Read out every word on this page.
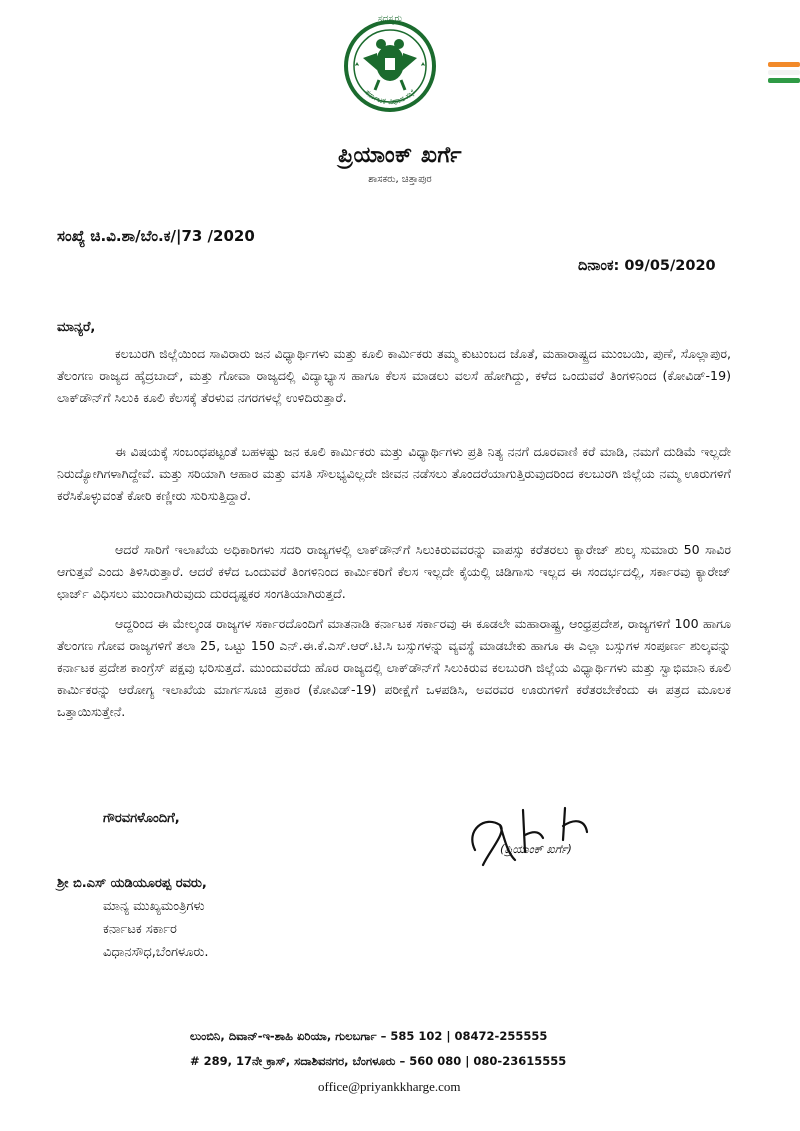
ಸದಸ್ಯರು
ಕರ್ನಾಟಕ ವಿಧಾನ ಸಭೆ
ಪ್ರಿಯಾಂಕ್ ಖರ್ಗೆ
ಶಾಸಕರು, ಚಿತ್ತಾಪುರ
ಸಂಖ್ಯೆ ಚಿ.ವಿ.ಶಾ/ಬೆಂ.ಕ/|73 /2020
ದಿನಾಂಕ: 09/05/2020
ಮಾನ್ಯರೆ,

ಕಲಬುರಗಿ ಜಿಲ್ಲೆಯಿಂದ ಸಾವಿರಾರು ಜನ ವಿಧ್ಯಾರ್ಥಿಗಳು ಮತ್ತು ಕೂಲಿ ಕಾರ್ಮಿಕರು ತಮ್ಮ ಕುಟುಂಬದ ಜೊತೆ, ಮಹಾರಾಷ್ಟ್ರದ ಮುಂಬಯಿ, ಪುಣೆ, ಸೊಲ್ಲಾಪುರ, ತೆಲಂಗಣ ರಾಜ್ಯದ ಹೈದ್ರಬಾದ್, ಮತ್ತು ಗೋವಾ ರಾಜ್ಯದಲ್ಲಿ ವಿದ್ಯಾಭ್ಯಾಸ ಹಾಗೂ ಕೆಲಸ ಮಾಡಲು ವಲಸೆ ಹೋಗಿದ್ದು, ಕಳೆದ ಒಂದುವರೆ ತಿಂಗಳಿನಿಂದ (ಕೋವಿಡ್-19) ಲಾಕ್‌ಡೌನ್‌ಗೆ ಸಿಲುಕಿ ಕೂಲಿ ಕೆಲಸಕ್ಕೆ ತೆರಳುವ ನಗರಗಳಲ್ಲೆ ಉಳಿದಿರುತ್ತಾರೆ.

ಈ ವಿಷಯಕ್ಕೆ ಸಂಬಂಧಪಟ್ಟಂತೆ ಬಹಳಷ್ಟು ಜನ ಕೂಲಿ ಕಾರ್ಮಿಕರು ಮತ್ತು ವಿಧ್ಯಾರ್ಥಿಗಳು ಪ್ರತಿ ನಿತ್ಯ ನನಗೆ ದೂರವಾಣಿ ಕರೆ ಮಾಡಿ, ನಮಗೆ ದುಡಿಮೆ ಇಲ್ಲದೇ ನಿರುದ್ಯೋಗಿಗಳಾಗಿದ್ದೇವೆ. ಮತ್ತು ಸರಿಯಾಗಿ ಆಹಾರ ಮತ್ತು ವಸತಿ ಸೌಲಭ್ಯವಿಲ್ಲದೇ ಜೀವನ ನಡೆಸಲು ತೊಂದರೆಯಾಗುತ್ತಿರುವುದರಿಂದ ಕಲಬುರಗಿ ಜಿಲ್ಲೆಯ ನಮ್ಮ ಊರುಗಳಿಗೆ ಕರೆಸಿಕೊಳ್ಳುವಂತೆ ಕೋರಿ ಕಣ್ಣೀರು ಸುರಿಸುತ್ತಿದ್ದಾರೆ.

ಆದರೆ ಸಾರಿಗೆ ಇಲಾಖೆಯ ಅಧಿಕಾರಿಗಳು ಸದರಿ ರಾಜ್ಯಗಳಲ್ಲಿ ಲಾಕ್‌ಡೌನ್‌ಗೆ ಸಿಲುಕಿರುವವರನ್ನು ವಾಪಸ್ಸು ಕರೆತರಲು ಕ್ಯಾರೇಜ್ ಶುಲ್ಕ ಸುಮಾರು 50 ಸಾವಿರ ಆಗುತ್ತವೆ ಎಂದು ತಿಳಿಸಿರುತ್ತಾರೆ. ಆದರೆ ಕಳೆದ ಒಂದುವರೆ ತಿಂಗಳಿನಿಂದ ಕಾರ್ಮಿಕರಿಗೆ ಕೆಲಸ ಇಲ್ಲದೇ ಕೈಯಲ್ಲಿ ಚಿಡಿಗಾಸು ಇಲ್ಲದ ಈ ಸಂದರ್ಭದಲ್ಲಿ, ಸರ್ಕಾರವು ಕ್ಯಾರೇಜ್ ಛಾರ್ಜ್ ವಿಧಿಸಲು ಮುಂದಾಗಿರುವುದು ದುರದೃಷ್ಟಕರ ಸಂಗತಿಯಾಗಿರುತ್ತದೆ.

ಆದ್ದರಿಂದ ಈ ಮೇಲ್ಕಂಡ ರಾಜ್ಯಗಳ ಸರ್ಕಾರದೊಂದಿಗೆ ಮಾತನಾಡಿ ಕರ್ನಾಟಕ ಸರ್ಕಾರವು ಈ ಕೂಡಲೇ ಮಹಾರಾಷ್ಟ್ರ, ಆಂಧ್ರಪ್ರದೇಶ, ರಾಜ್ಯಗಳಿಗೆ 100 ಹಾಗೂ ತೆಲಂಗಣ ಗೋವ ರಾಜ್ಯಗಳಿಗೆ ತಲಾ 25, ಒಟ್ಟು 150 ಎನ್.ಈ.ಕೆ.ಎಸ್.ಆರ್.ಟಿ.ಸಿ ಬಸ್ಸುಗಳನ್ನು ವ್ಯವಸ್ಥೆ ಮಾಡಬೇಕು ಹಾಗೂ ಈ ಎಲ್ಲಾ ಬಸ್ಸುಗಳ ಸಂಪೂರ್ಣ ಶುಲ್ಕವನ್ನು ಕರ್ನಾಟಕ ಪ್ರದೇಶ ಕಾಂಗ್ರೆಸ್ ಪಕ್ಷವು ಭರಿಸುತ್ತದೆ. ಮುಂದುವರೆದು ಹೊರ ರಾಜ್ಯದಲ್ಲಿ ಲಾಕ್‌ಡೌನ್‌ಗೆ ಸಿಲುಕಿರುವ ಕಲಬುರಗಿ ಜಿಲ್ಲೆಯ ವಿಧ್ಯಾರ್ಥಿಗಳು ಮತ್ತು ಸ್ವಾಭಿಮಾನಿ ಕೂಲಿ ಕಾರ್ಮಿಕರನ್ನು ಆರೋಗ್ಯ ಇಲಾಖೆಯ ಮಾರ್ಗಸೂಚಿ ಪ್ರಕಾರ (ಕೋವಿಡ್-19) ಪರೀಕ್ಷೆಗೆ ಒಳಪಡಿಸಿ, ಅವರವರ ಊರುಗಳಿಗೆ ಕರೆತರಬೇಕೆಂದು ಈ ಪತ್ರದ ಮೂಲಕ ಒತ್ತಾಯಿಸುತ್ತೇನೆ.

ಗೌರವಗಳೊಂದಿಗೆ,
(ಪ್ರಿಯಾಂಕ್ ಖರ್ಗೆ)
ಶ್ರೀ ಬಿ.ಎಸ್ ಯಡಿಯೂರಪ್ಪ ರವರು,
ಮಾನ್ಯ ಮುಖ್ಯಮಂತ್ರಿಗಳು
ಕರ್ನಾಟಕ ಸರ್ಕಾರ
ವಿಧಾನಸೌಧ,ಬೆಂಗಳೂರು.
ಲುಂಬಿನಿ, ದಿವಾನ್-ಇ-ಶಾಹಿ ಏರಿಯಾ, ಗುಲಬರ್ಗಾ – 585 102 | 08472-255555
# 289, 17ನೇ ಕ್ರಾಸ್, ಸದಾಶಿವನಗರ, ಬೆಂಗಳೂರು – 560 080 | 080-23615555
office@priyankkharge.com
